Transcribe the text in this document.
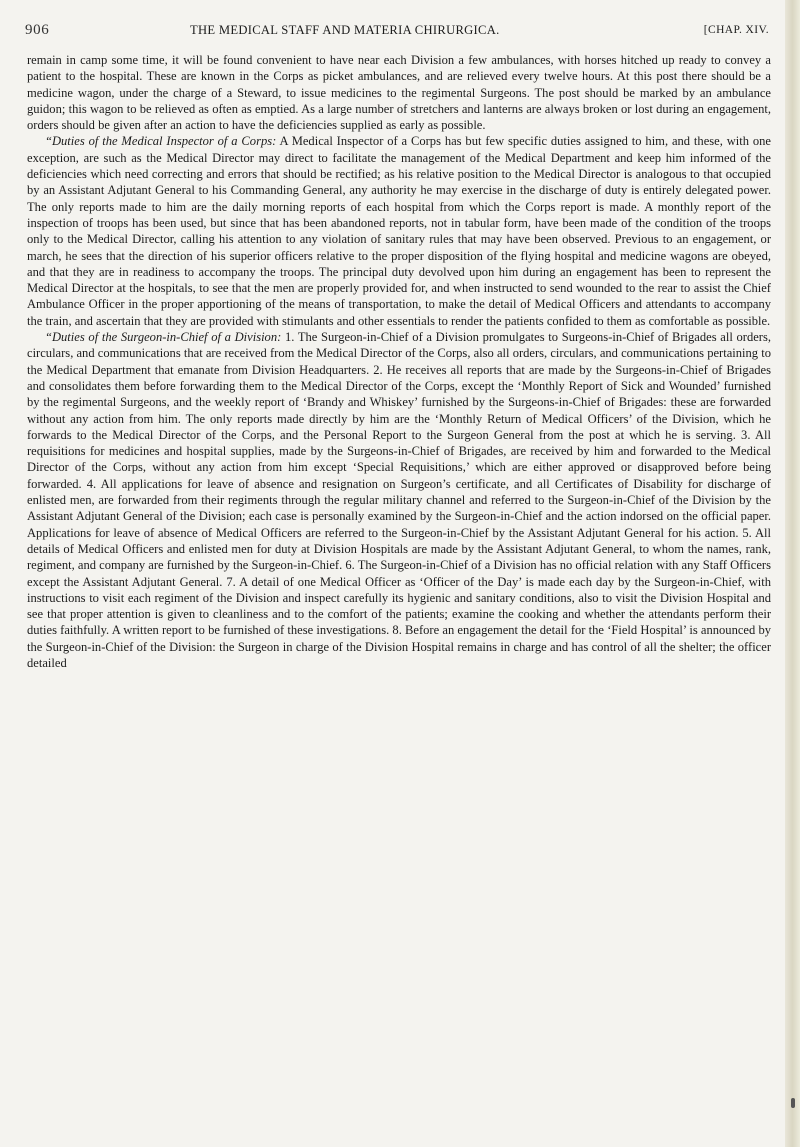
906	THE MEDICAL STAFF AND MATERIA CHIRURGICA.	[CHAP. XIV.

remain in camp some time, it will be found convenient to have near each Division a few ambulances, with horses hitched up ready to convey a patient to the hospital. These are known in the Corps as picket ambulances, and are relieved every twelve hours. At this post there should be a medicine wagon, under the charge of a Steward, to issue medicines to the regimental Surgeons. The post should be marked by an ambulance guidon; this wagon to be relieved as often as emptied. As a large number of stretchers and lanterns are always broken or lost during an engagement, orders should be given after an action to have the deficiencies supplied as early as possible.

“Duties of the Medical Inspector of a Corps: A Medical Inspector of a Corps has but few specific duties assigned to him, and these, with one exception, are such as the Medical Director may direct to facilitate the management of the Medical Department and keep him informed of the deficiencies which need correcting and errors that should be rectified; as his relative position to the Medical Director is analogous to that occupied by an Assistant Adjutant General to his Commanding General, any authority he may exercise in the discharge of duty is entirely delegated power. The only reports made to him are the daily morning reports of each hospital from which the Corps report is made. A monthly report of the inspection of troops has been used, but since that has been abandoned reports, not in tabular form, have been made of the condition of the troops only to the Medical Director, calling his attention to any violation of sanitary rules that may have been observed. Previous to an engagement, or march, he sees that the direction of his superior officers relative to the proper disposition of the flying hospital and medicine wagons are obeyed, and that they are in readiness to accompany the troops. The principal duty devolved upon him during an engagement has been to represent the Medical Director at the hospitals, to see that the men are properly provided for, and when instructed to send wounded to the rear to assist the Chief Ambulance Officer in the proper apportioning of the means of transportation, to make the detail of Medical Officers and attendants to accompany the train, and ascertain that they are provided with stimulants and other essentials to render the patients confided to them as comfortable as possible.

“Duties of the Surgeon-in-Chief of a Division: 1. The Surgeon-in-Chief of a Division promulgates to Surgeons-in-Chief of Brigades all orders, circulars, and communications that are received from the Medical Director of the Corps, also all orders, circulars, and communications pertaining to the Medical Department that emanate from Division Headquarters. 2. He receives all reports that are made by the Surgeons-in-Chief of Brigades and consolidates them before forwarding them to the Medical Director of the Corps, except the ‘Monthly Report of Sick and Wounded’ furnished by the regimental Surgeons, and the weekly report of ‘Brandy and Whiskey’ furnished by the Surgeons-in-Chief of Brigades: these are forwarded without any action from him. The only reports made directly by him are the ‘Monthly Return of Medical Officers’ of the Division, which he forwards to the Medical Director of the Corps, and the Personal Report to the Surgeon General from the post at which he is serving. 3. All requisitions for medicines and hospital supplies, made by the Surgeons-in-Chief of Brigades, are received by him and forwarded to the Medical Director of the Corps, without any action from him except ‘Special Requisitions,’ which are either approved or disapproved before being forwarded. 4. All applications for leave of absence and resignation on Surgeon’s certificate, and all Certificates of Disability for discharge of enlisted men, are forwarded from their regiments through the regular military channel and referred to the Surgeon-in-Chief of the Division by the Assistant Adjutant General of the Division; each case is personally examined by the Surgeon-in-Chief and the action indorsed on the official paper. Applications for leave of absence of Medical Officers are referred to the Surgeon-in-Chief by the Assistant Adjutant General for his action. 5. All details of Medical Officers and enlisted men for duty at Division Hospitals are made by the Assistant Adjutant General, to whom the names, rank, regiment, and company are furnished by the Surgeon-in-Chief. 6. The Surgeon-in-Chief of a Division has no official relation with any Staff Officers except the Assistant Adjutant General. 7. A detail of one Medical Officer as ‘Officer of the Day’ is made each day by the Surgeon-in-Chief, with instructions to visit each regiment of the Division and inspect carefully its hygienic and sanitary conditions, also to visit the Division Hospital and see that proper attention is given to cleanliness and to the comfort of the patients; examine the cooking and whether the attendants perform their duties faithfully. A written report to be furnished of these investigations. 8. Before an engagement the detail for the ‘Field Hospital’ is announced by the Surgeon-in-Chief of the Division: the Surgeon in charge of the Division Hospital remains in charge and has control of all the shelter; the officer detailed
